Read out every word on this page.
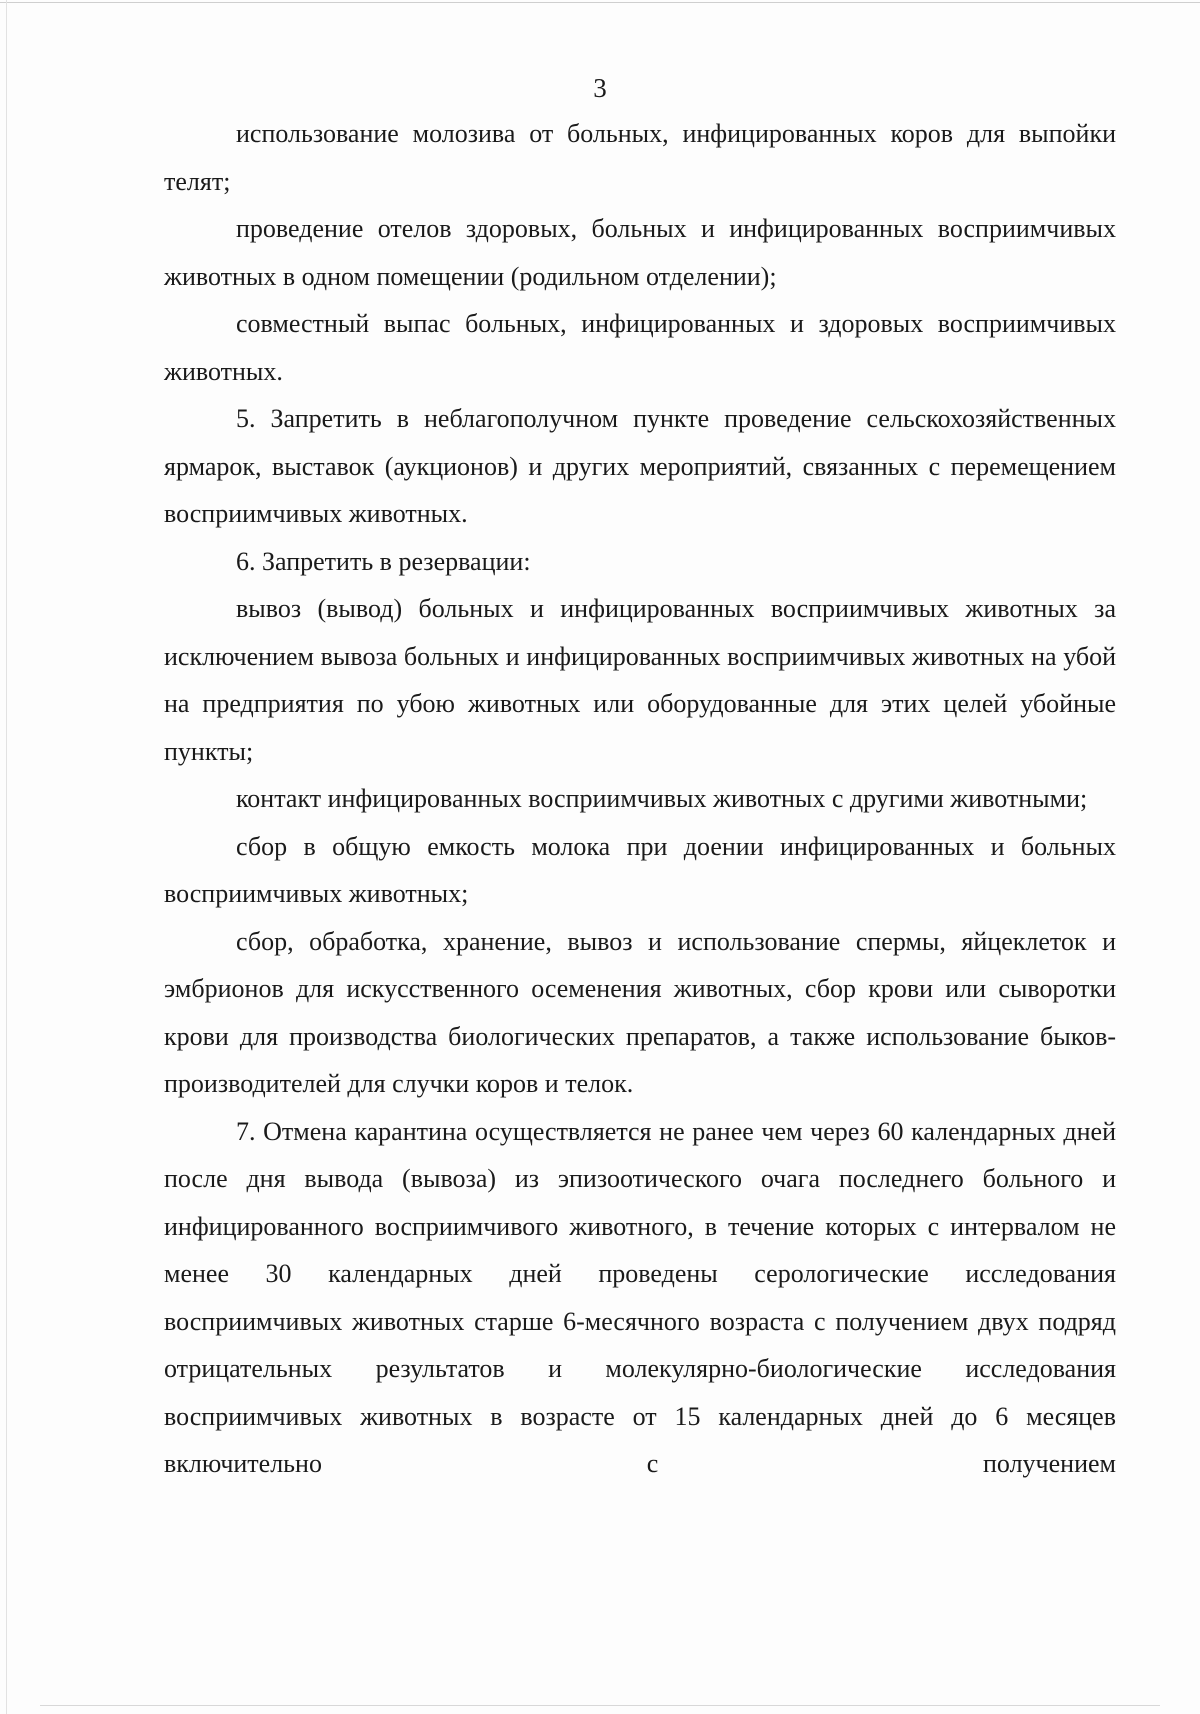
3

использование молозива от больных, инфицированных коров для выпойки телят;

проведение отелов здоровых, больных и инфицированных восприимчивых животных в одном помещении (родильном отделении);

совместный выпас больных, инфицированных и здоровых восприимчивых животных.

5. Запретить в неблагополучном пункте проведение сельскохозяйственных ярмарок, выставок (аукционов) и других мероприятий, связанных с перемещением восприимчивых животных.

6. Запретить в резервации:

вывоз (вывод) больных и инфицированных восприимчивых животных за исключением вывоза больных и инфицированных восприимчивых животных на убой на предприятия по убою животных или оборудованные для этих целей убойные пункты;

контакт инфицированных восприимчивых животных с другими животными;

сбор в общую емкость молока при доении инфицированных и больных восприимчивых животных;

сбор, обработка, хранение, вывоз и использование спермы, яйцеклеток и эмбрионов для искусственного осеменения животных, сбор крови или сыворотки крови для производства биологических препаратов, а также использование быков-производителей для случки коров и телок.

7. Отмена карантина осуществляется не ранее чем через 60 календарных дней после дня вывода (вывоза) из эпизоотического очага последнего больного и инфицированного восприимчивого животного, в течение которых с интервалом не менее 30 календарных дней проведены серологические исследования восприимчивых животных старше 6-месячного возраста с получением двух подряд отрицательных результатов и молекулярно-биологические исследования восприимчивых животных в возрасте от 15 календарных дней до 6 месяцев включительно с получением
